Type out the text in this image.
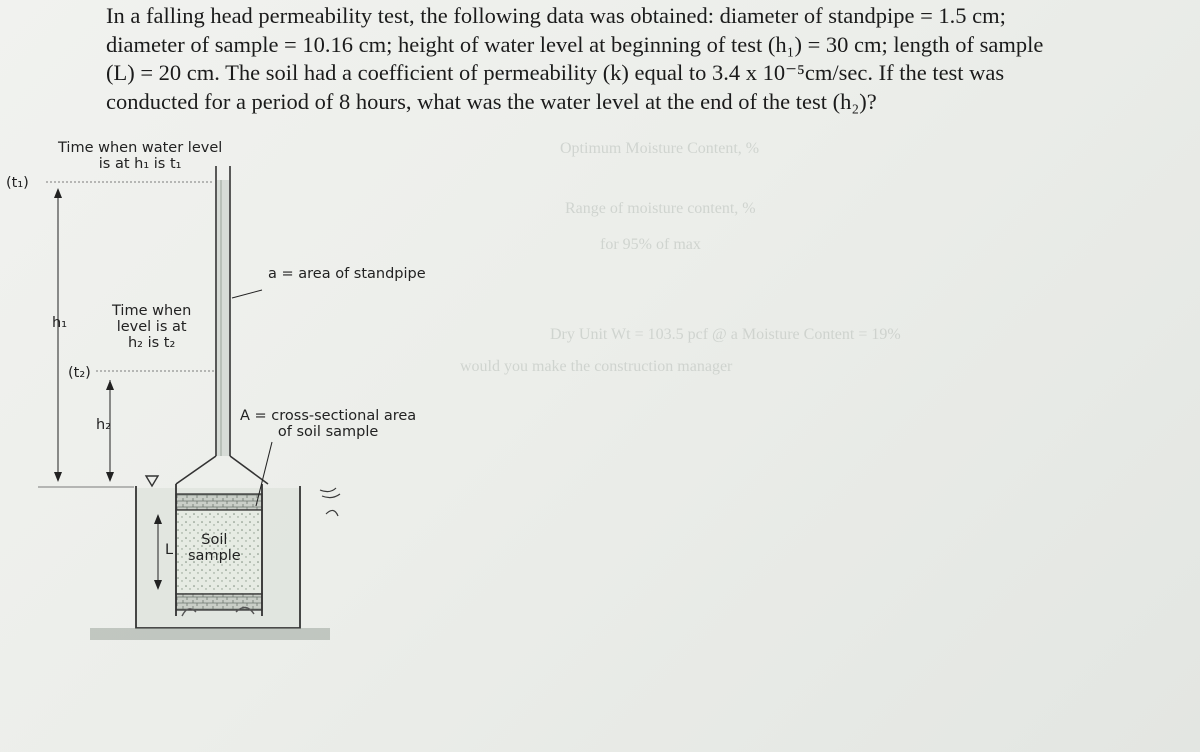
Optimum Moisture Content, %
Range of moisture content, %
for 95% of max
Dry Unit Wt = 103.5 pcf @ a Moisture Content = 19%
would you make the construction manager

In a falling head permeability test, the following data was obtained: diameter of standpipe = 1.5 cm;

diameter of sample = 10.16 cm; height of water level at beginning of test (h₁) = 30 cm; length of sample

(L) = 20 cm. The soil had a coefficient of permeability (k) equal to 3.4 x 10⁻⁵cm/sec. If the test was

conducted for a period of 8 hours, what was the water level at the end of the test (h₂)?

Time when water level
is at h₁ is t₁
(t₁)
h₁
(t₂)
h₂
Time when
level is at
h₂ is t₂
a = area of standpipe
A = cross-sectional area
of soil sample
L
Soil
sample
